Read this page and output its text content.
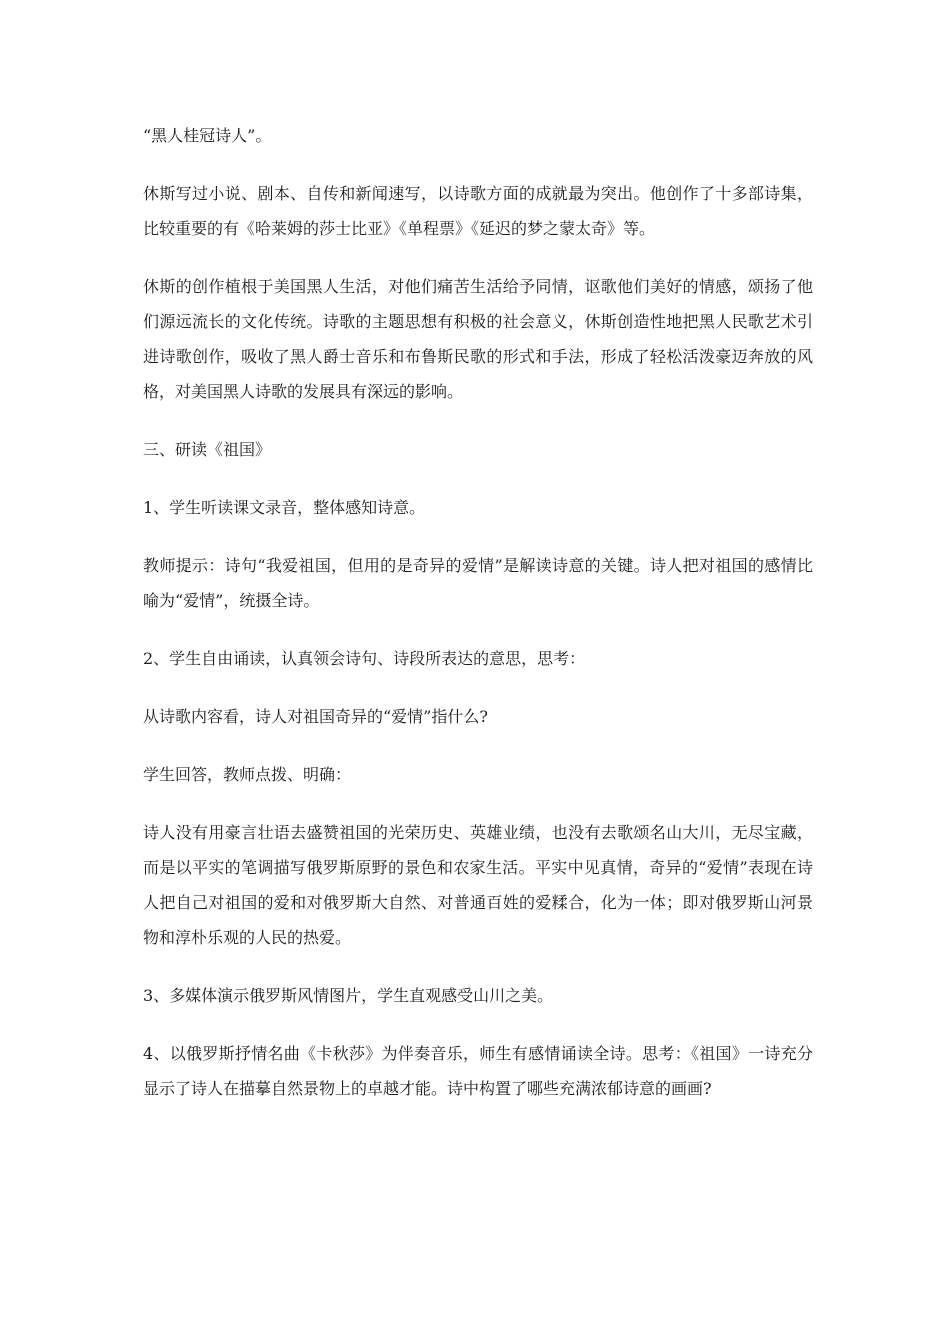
“黑人桂冠诗人”。

休斯写过小说、剧本、自传和新闻速写，以诗歌方面的成就最为突出。他创作了十多部诗集，比较重要的有《哈莱姆的莎士比亚》《单程票》《延迟的梦之蒙太奇》等。

休斯的创作植根于美国黑人生活，对他们痛苦生活给予同情，讴歌他们美好的情感，颂扬了他们源远流长的文化传统。诗歌的主题思想有积极的社会意义，休斯创造性地把黑人民歌艺术引进诗歌创作，吸收了黑人爵士音乐和布鲁斯民歌的形式和手法，形成了轻松活泼豪迈奔放的风格，对美国黑人诗歌的发展具有深远的影响。

三、研读《祖国》

1、学生听读课文录音，整体感知诗意。

教师提示：诗句“我爱祖国，但用的是奇异的爱情”是解读诗意的关键。诗人把对祖国的感情比喻为“爱情”，统摄全诗。

2、学生自由诵读，认真领会诗句、诗段所表达的意思，思考：

从诗歌内容看，诗人对祖国奇异的“爱情”指什么?

学生回答，教师点拨、明确：

诗人没有用豪言壮语去盛赞祖国的光荣历史、英雄业绩，也没有去歌颂名山大川，无尽宝藏，而是以平实的笔调描写俄罗斯原野的景色和农家生活。平实中见真情，奇异的“爱情”表现在诗人把自己对祖国的爱和对俄罗斯大自然、对普通百姓的爱糅合，化为一体；即对俄罗斯山河景物和淳朴乐观的人民的热爱。

3、多媒体演示俄罗斯风情图片，学生直观感受山川之美。

4、以俄罗斯抒情名曲《卡秋莎》为伴奏音乐，师生有感情诵读全诗。思考：《祖国》一诗充分显示了诗人在描摹自然景物上的卓越才能。诗中构置了哪些充满浓郁诗意的画画?
